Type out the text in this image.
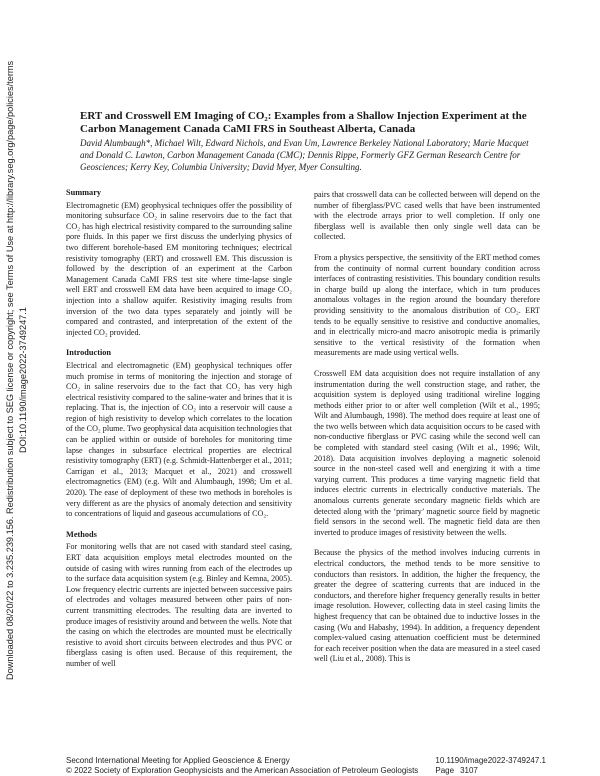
Downloaded 08/20/22 to 3.235.239.156. Redistribution subject to SEG license or copyright; see Terms of Use at http://library.seg.org/page/policies/terms DOI:10.1190/image2022-3749247.1
ERT and Crosswell EM Imaging of CO₂: Examples from a Shallow Injection Experiment at the Carbon Management Canada CaMI FRS in Southeast Alberta, Canada
David Alumbaugh*, Michael Wilt, Edward Nichols, and Evan Um, Lawrence Berkeley National Laboratory; Marie Macquet and Donald C. Lawton, Carbon Management Canada (CMC); Dennis Rippe, Formerly GFZ German Research Centre for Geosciences; Kerry Key, Columbia University; David Myer, Myer Consulting.
Summary

Electromagnetic (EM) geophysical techniques offer the possibility of monitoring subsurface CO₂ in saline reservoirs due to the fact that CO₂ has high electrical resistivity compared to the surrounding saline pore fluids. In this paper we first discuss the underlying physics of two different borehole-based EM monitoring techniques; electrical resistivity tomography (ERT) and crosswell EM. This discussion is followed by the description of an experiment at the Carbon Management Canada CaMI FRS test site where time-lapse single well ERT and crosswell EM data have been acquired to image CO₂ injection into a shallow aquifer. Resistivity imaging results from inversion of the two data types separately and jointly will be compared and contrasted, and interpretation of the extent of the injected CO₂ provided.

Introduction

Electrical and electromagnetic (EM) geophysical techniques offer much promise in terms of monitoring the injection and storage of CO₂ in saline reservoirs due to the fact that CO₂ has very high electrical resistivity compared to the saline-water and brines that it is replacing. That is, the injection of CO₂ into a reservoir will cause a region of high resistivity to develop which correlates to the location of the CO₂ plume. Two geophysical data acquisition technologies that can be applied within or outside of boreholes for monitoring time lapse changes in subsurface electrical properties are electrical resistivity tomography (ERT) (e.g. Schmidt-Hattenberger et al., 2011; Carrigan et al., 2013; Macquet et al., 2021) and crosswell electromagnetics (EM) (e.g. Wilt and Alumbaugh, 1998; Um et al. 2020). The ease of deployment of these two methods in boreholes is very different as are the physics of anomaly detection and sensitivity to concentrations of liquid and gaseous accumulations of CO₂.

Methods

For monitoring wells that are not cased with standard steel casing, ERT data acquisition employs metal electrodes mounted on the outside of casing with wires running from each of the electrodes up to the surface data acquisition system (e.g. Binley and Kemna, 2005). Low frequency electric currents are injected between successive pairs of electrodes and voltages measured between other pairs of non-current transmitting electrodes. The resulting data are inverted to produce images of resistivity around and between the wells. Note that the casing on which the electrodes are mounted must be electrically resistive to avoid short circuits between electrodes and thus PVC or fiberglass casing is often used. Because of this requirement, the number of well

pairs that crosswell data can be collected between will depend on the number of fiberglass/PVC cased wells that have been instrumented with the electrode arrays prior to well completion. If only one fiberglass well is available then only single well data can be collected.

From a physics perspective, the sensitivity of the ERT method comes from the continuity of normal current boundary condition across interfaces of contrasting resistivities. This boundary condition results in charge build up along the interface, which in turn produces anomalous voltages in the region around the boundary therefore providing sensitivity to the anomalous distribution of CO₂. ERT tends to be equally sensitive to resistive and conductive anomalies, and in electrically micro-and macro anisotropic media is primarily sensitive to the vertical resistivity of the formation when measurements are made using vertical wells.

Crosswell EM data acquisition does not require installation of any instrumentation during the well construction stage, and rather, the acquisition system is deployed using traditional wireline logging methods either prior to or after well completion (Wilt et al., 1995; Wilt and Alumbaugh, 1998). The method does require at least one of the two wells between which data acquisition occurs to be cased with non-conductive fiberglass or PVC casing while the second well can be completed with standard steel casing (Wilt et al., 1996; Wilt, 2018). Data acquisition involves deploying a magnetic solenoid source in the non-steel cased well and energizing it with a time varying current. This produces a time varying magnetic field that induces electric currents in electrically conductive materials. The anomalous currents generate secondary magnetic fields which are detected along with the ‘primary’ magnetic source field by magnetic field sensors in the second well. The magnetic field data are then inverted to produce images of resistivity between the wells.

Because the physics of the method involves inducing currents in electrical conductors, the method tends to be more sensitive to conductors than resistors. In addition, the higher the frequency, the greater the degree of scattering currents that are induced in the conductors, and therefore higher frequency generally results in better image resolution. However, collecting data in steel casing limits the highest frequency that can be obtained due to inductive losses in the casing (Wu and Habashy, 1994). In addition, a frequency dependent complex-valued casing attenuation coefficient must be determined for each receiver position when the data are measured in a steel cased well (Liu et al., 2008). This is

Second International Meeting for Applied Geoscience & Energy
© 2022 Society of Exploration Geophysicists and the American Association of Petroleum Geologists
10.1190/image2022-3749247.1
Page 3107
